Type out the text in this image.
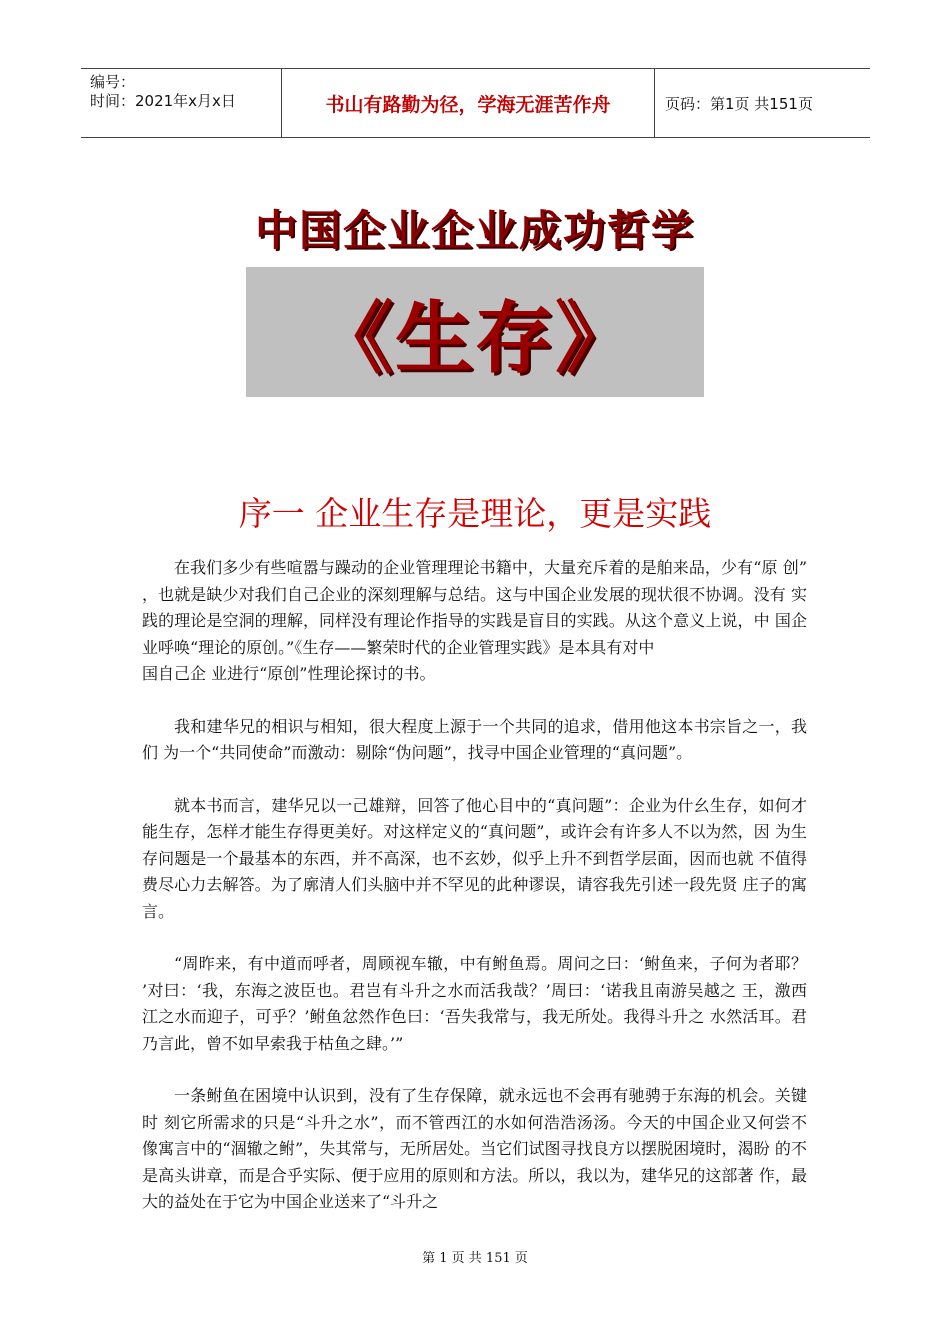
编号：
时间：2021年x月x日	书山有路勤为径，学海无涯苦作舟	页码：第1页 共151页
中国企业企业成功哲学
《生存》
序一 企业生存是理论，更是实践

在我们多少有些喧嚣与躁动的企业管理理论书籍中，大量充斥着的是舶来品，少有“原 创” ，也就是缺少对我们自己企业的深刻理解与总结。这与中国企业发展的现状很不协调。没有 实践的理论是空洞的理解，同样没有理论作指导的实践是盲目的实践。从这个意义上说，中 国企业呼唤“理论的原创。”《生存——繁荣时代的企业管理实践》是本具有对中

国自己企 业进行“原创”性理论探讨的书。

我和建华兄的相识与相知，很大程度上源于一个共同的追求，借用他这本书宗旨之一，我们 为一个“共同使命”而激动：剔除“伪问题”，找寻中国企业管理的“真问题”。

就本书而言，建华兄以一己雄辩，回答了他心目中的“真问题”：企业为什幺生存，如何才 能生存，怎样才能生存得更美好。对这样定义的“真问题”，或许会有许多人不以为然，因 为生存问题是一个最基本的东西，并不高深，也不玄妙，似乎上升不到哲学层面，因而也就 不值得费尽心力去解答。为了廓清人们头脑中并不罕见的此种谬误，请容我先引述一段先贤 庄子的寓言。

“周昨来，有中道而呼者，周顾视车辙，中有鲋鱼焉。周问之曰：‘鲋鱼来，子何为者耶？ ’对曰：‘我，东海之波臣也。君岂有斗升之水而活我哉？’周曰：‘诺我且南游吴越之 王，激西江之水而迎子，可乎？’鲋鱼忿然作色曰：‘吾失我常与，我无所处。我得斗升之 水然活耳。君乃言此，曾不如早索我于枯鱼之肆。’”

一条鲋鱼在困境中认识到，没有了生存保障，就永远也不会再有驰骋于东海的机会。关键时 刻它所需求的只是“斗升之水”，而不管西江的水如何浩浩汤汤。今天的中国企业又何尝不 像寓言中的“涸辙之鲋”，失其常与，无所居处。当它们试图寻找良方以摆脱困境时，渴盼 的不是高头讲章，而是合乎实际、便于应用的原则和方法。所以，我以为，建华兄的这部著 作，最大的益处在于它为中国企业送来了“斗升之

第 1 页 共 151 页
